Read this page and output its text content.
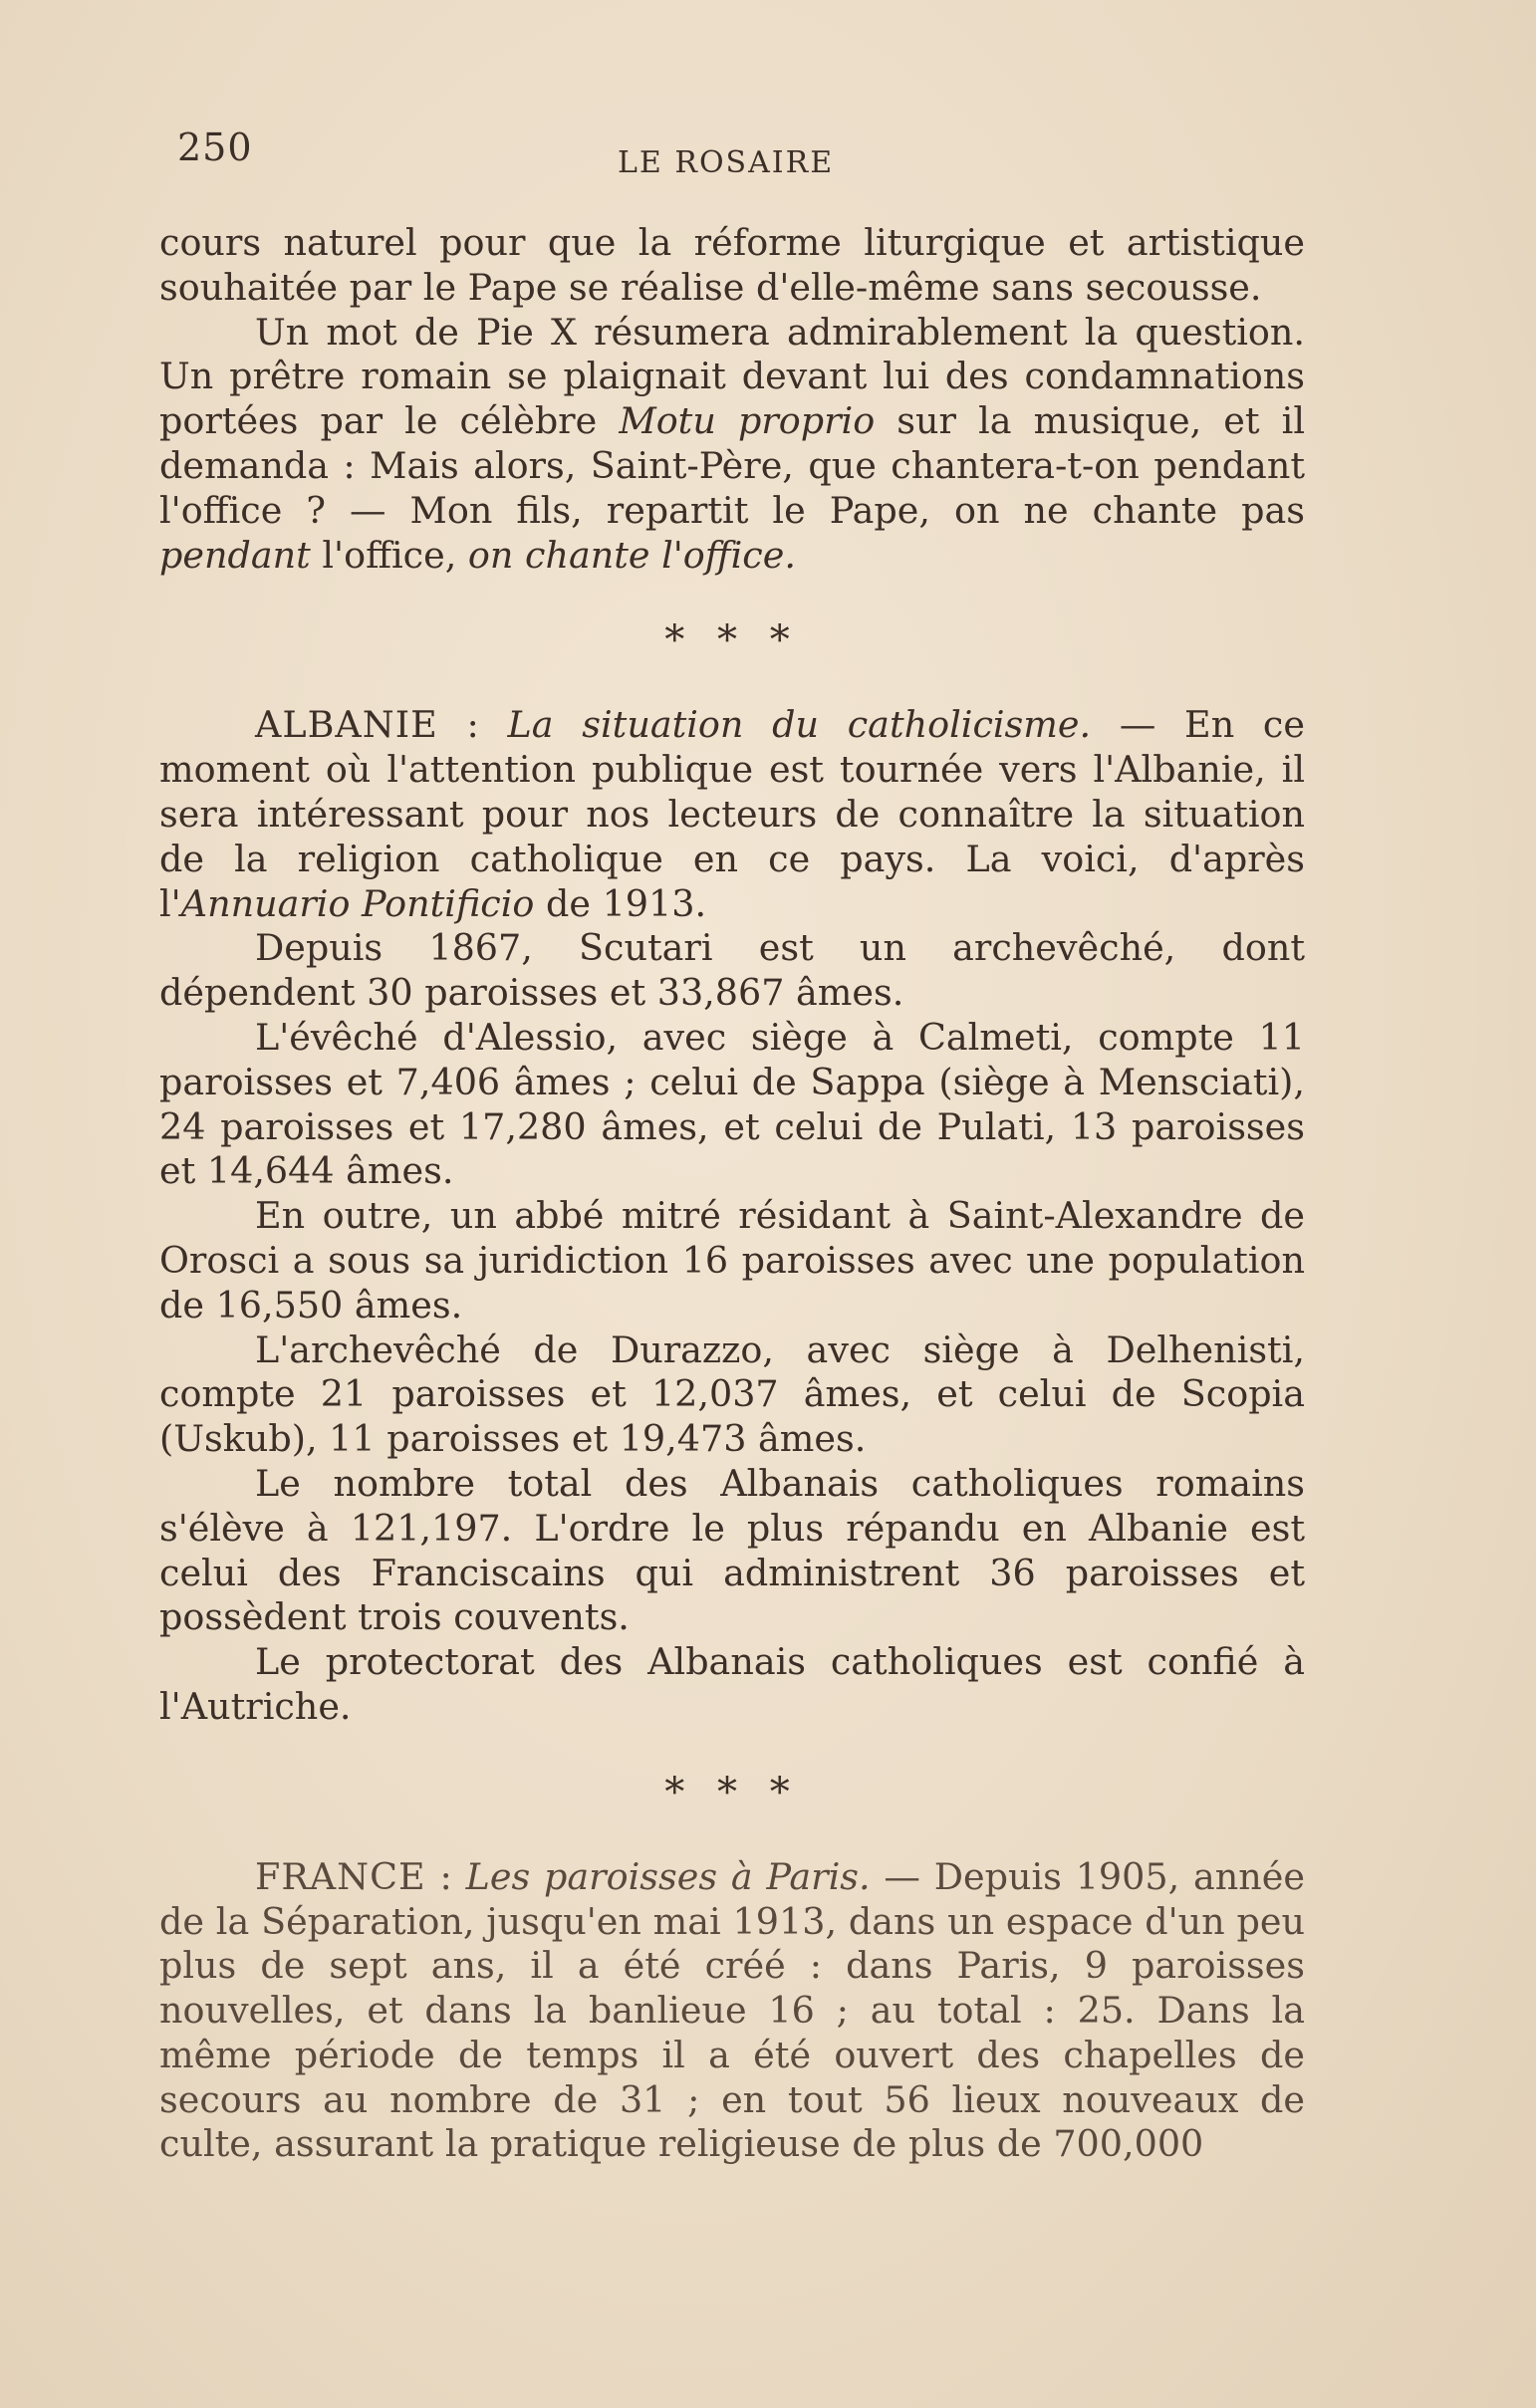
250	LE ROSAIRE

cours naturel pour que la réforme liturgique et artistique souhaitée par le Pape se réalise d'elle-même sans secousse.

Un mot de Pie X résumera admirablement la question. Un prêtre romain se plaignait devant lui des condamnations portées par le célèbre Motu proprio sur la musique, et il demanda : Mais alors, Saint-Père, que chantera-t-on pendant l'office ? — Mon fils, repartit le Pape, on ne chante pas pendant l'office, on chante l'office.

* * *

ALBANIE : La situation du catholicisme. — En ce moment où l'attention publique est tournée vers l'Albanie, il sera intéressant pour nos lecteurs de connaître la situation de la religion catholique en ce pays. La voici, d'après l'Annuario Pontificio de 1913.

Depuis 1867, Scutari est un archevêché, dont dépendent 30 paroisses et 33,867 âmes.

L'évêché d'Alessio, avec siège à Calmeti, compte 11 paroisses et 7,406 âmes ; celui de Sappa (siège à Mensciati), 24 paroisses et 17,280 âmes, et celui de Pulati, 13 paroisses et 14,644 âmes.

En outre, un abbé mitré résidant à Saint-Alexandre de Orosci a sous sa juridiction 16 paroisses avec une population de 16,550 âmes.

L'archevêché de Durazzo, avec siège à Delhenisti, compte 21 paroisses et 12,037 âmes, et celui de Scopia (Uskub), 11 paroisses et 19,473 âmes.

Le nombre total des Albanais catholiques romains s'élève à 121,197. L'ordre le plus répandu en Albanie est celui des Franciscains qui administrent 36 paroisses et possèdent trois couvents.

Le protectorat des Albanais catholiques est confié à l'Autriche.

* * *

FRANCE : Les paroisses à Paris. — Depuis 1905, année de la Séparation, jusqu'en mai 1913, dans un espace d'un peu plus de sept ans, il a été créé : dans Paris, 9 paroisses nouvelles, et dans la banlieue 16 ; au total : 25. Dans la même période de temps il a été ouvert des chapelles de secours au nombre de 31 ; en tout 56 lieux nouveaux de culte, assurant la pratique religieuse de plus de 700,000
